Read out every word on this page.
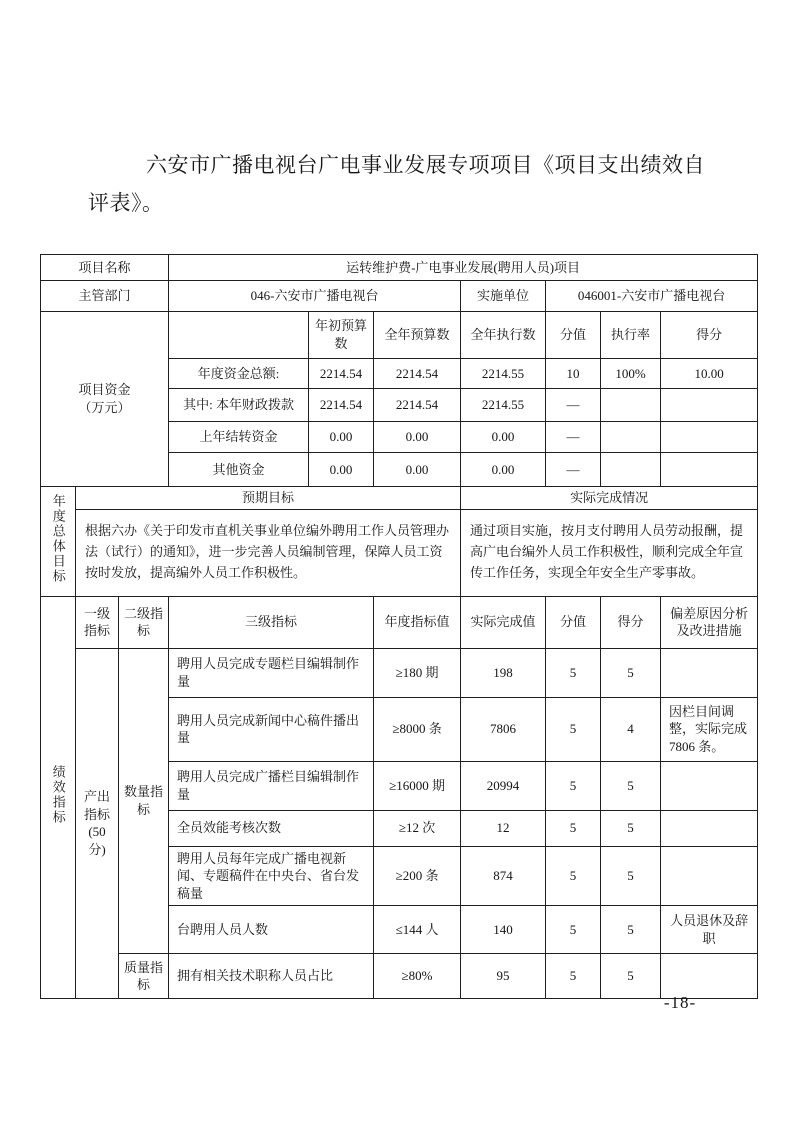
六安市广播电视台广电事业发展专项项目《项目支出绩效自评表》。
项目名称			运转维护费-广电事业发展(聘用人员)项目						
主管部门			046-六安市广播电视台			实施单位	046001-六安市广播电视台		
项目资金
（万元）				年初预算数	全年预算数	全年执行数	分值	执行率	得分
			年度资金总额:	2214.54	2214.54	2214.55	10	100%	10.00
			其中: 本年财政拨款	2214.54	2214.54	2214.55	—		
			上年结转资金	0.00	0.00	0.00	—		
			其他资金	0.00	0.00	0.00	—		
年度总体目标	预期目标					实际完成情况			
	根据六办《关于印发市直机关事业单位编外聘用工作人员管理办法（试行）的通知》，进一步完善人员编制管理，保障人员工资按时发放，提高编外人员工作积极性。					通过项目实施，按月支付聘用人员劳动报酬，提高广电台编外人员工作积极性，顺利完成全年宣传工作任务，实现全年安全生产零事故。			
绩效指标	一级指标	二级指标	三级指标		年度指标值	实际完成值	分值	得分	偏差原因分析及改进措施
	产出指标(50分)	数量指标	聘用人员完成专题栏目编辑制作量		≥180 期	198	5	5	
			聘用人员完成新闻中心稿件播出量		≥8000 条	7806	5	4	因栏目间调整，实际完成 7806 条。
			聘用人员完成广播栏目编辑制作量		≥16000 期	20994	5	5	
			全员效能考核次数		≥12 次	12	5	5	
			聘用人员每年完成广播电视新闻、专题稿件在中央台、省台发稿量		≥200 条	874	5	5	
			台聘用人员人数		≤144 人	140	5	5	人员退休及辞职
		质量指标	拥有相关技术职称人员占比		≥80%	95	5	5	
-18-
